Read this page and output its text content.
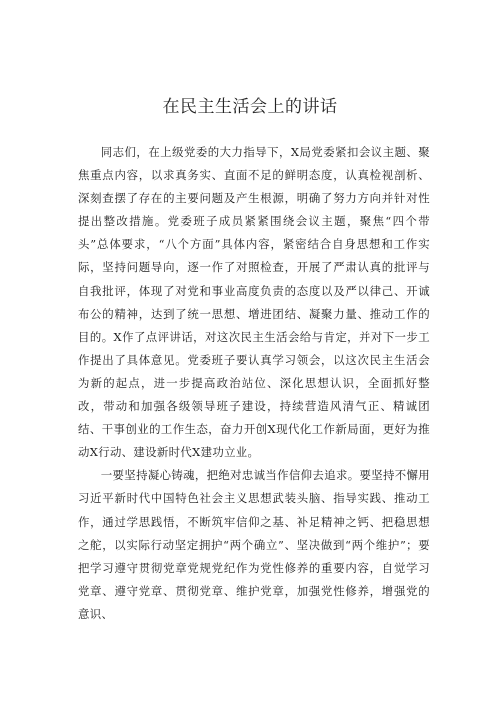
在民主生活会上的讲话

同志们，在上级党委的大力指导下，X局党委紧扣会议主题、聚焦重点内容，以求真务实、直面不足的鲜明态度，认真检视剖析、深刻查摆了存在的主要问题及产生根源，明确了努力方向并针对性提出整改措施。党委班子成员紧紧围绕会议主题，聚焦“四个带头”总体要求，“八个方面”具体内容，紧密结合自身思想和工作实际，坚持问题导向，逐一作了对照检查，开展了严肃认真的批评与自我批评，体现了对党和事业高度负责的态度以及严以律己、开诚布公的精神，达到了统一思想、增进团结、凝聚力量、推动工作的目的。X作了点评讲话，对这次民主生活会给与肯定，并对下一步工作提出了具体意见。党委班子要认真学习领会，以这次民主生活会为新的起点，进一步提高政治站位、深化思想认识，全面抓好整改，带动和加强各级领导班子建设，持续营造风清气正、精诚团结、干事创业的工作生态，奋力开创X现代化工作新局面，更好为推动X行动、建设新时代X建功立业。

一要坚持凝心铸魂，把绝对忠诚当作信仰去追求。要坚持不懈用习近平新时代中国特色社会主义思想武装头脑、指导实践、推动工作，通过学思践悟，不断筑牢信仰之基、补足精神之钙、把稳思想之舵，以实际行动坚定拥护“两个确立”、坚决做到“两个维护”；要把学习遵守贯彻党章党规党纪作为党性修养的重要内容，自觉学习党章、遵守党章、贯彻党章、维护党章，加强党性修养，增强党的意识、
